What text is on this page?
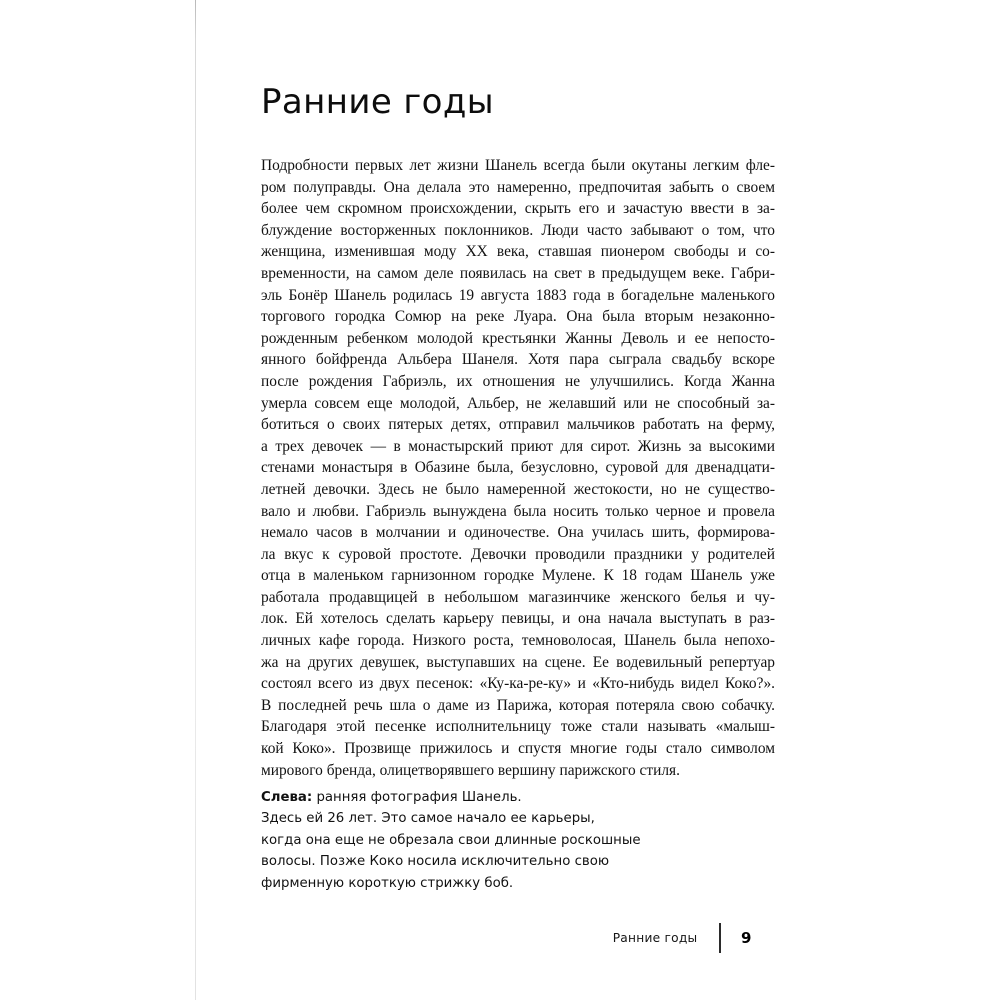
Ранние годы

Подробности первых лет жизни Шанель всегда были окутаны легким фле-
ром полуправды. Она делала это намеренно, предпочитая забыть о своем
более чем скромном происхождении, скрыть его и зачастую ввести в за-
блуждение восторженных поклонников. Люди часто забывают о том, что
женщина, изменившая моду XX века, ставшая пионером свободы и со-
временности, на самом деле появилась на свет в предыдущем веке. Габри-
эль Бонёр Шанель родилась 19 августа 1883 года в богадельне маленького
торгового городка Сомюр на реке Луара. Она была вторым незаконно-
рожденным ребенком молодой крестьянки Жанны Деволь и ее непосто-
янного бойфренда Альбера Шанеля. Хотя пара сыграла свадьбу вскоре
после рождения Габриэль, их отношения не улучшились. Когда Жанна
умерла совсем еще молодой, Альбер, не желавший или не способный за-
ботиться о своих пятерых детях, отправил мальчиков работать на ферму,
а трех девочек — в монастырский приют для сирот. Жизнь за высокими
стенами монастыря в Обазине была, безусловно, суровой для двенадцати-
летней девочки. Здесь не было намеренной жестокости, но не существо-
вало и любви. Габриэль вынуждена была носить только черное и провела
немало часов в молчании и одиночестве. Она училась шить, формирова-
ла вкус к суровой простоте. Девочки проводили праздники у родителей
отца в маленьком гарнизонном городке Мулене. К 18 годам Шанель уже
работала продавщицей в небольшом магазинчике женского белья и чу-
лок. Ей хотелось сделать карьеру певицы, и она начала выступать в раз-
личных кафе города. Низкого роста, темноволосая, Шанель была непохо-
жа на других девушек, выступавших на сцене. Ее водевильный репертуар
состоял всего из двух песенок: «Ку-ка-ре-ку» и «Кто-нибудь видел Коко?».
В последней речь шла о даме из Парижа, которая потеряла свою собачку.
Благодаря этой песенке исполнительницу тоже стали называть «малыш-
кой Коко». Прозвище прижилось и спустя многие годы стало символом
мирового бренда, олицетворявшего вершину парижского стиля.

Слева: ранняя фотография Шанель.
Здесь ей 26 лет. Это самое начало ее карьеры,
когда она еще не обрезала свои длинные роскошные
волосы. Позже Коко носила исключительно свою
фирменную короткую стрижку боб.
Ранние годы	9
